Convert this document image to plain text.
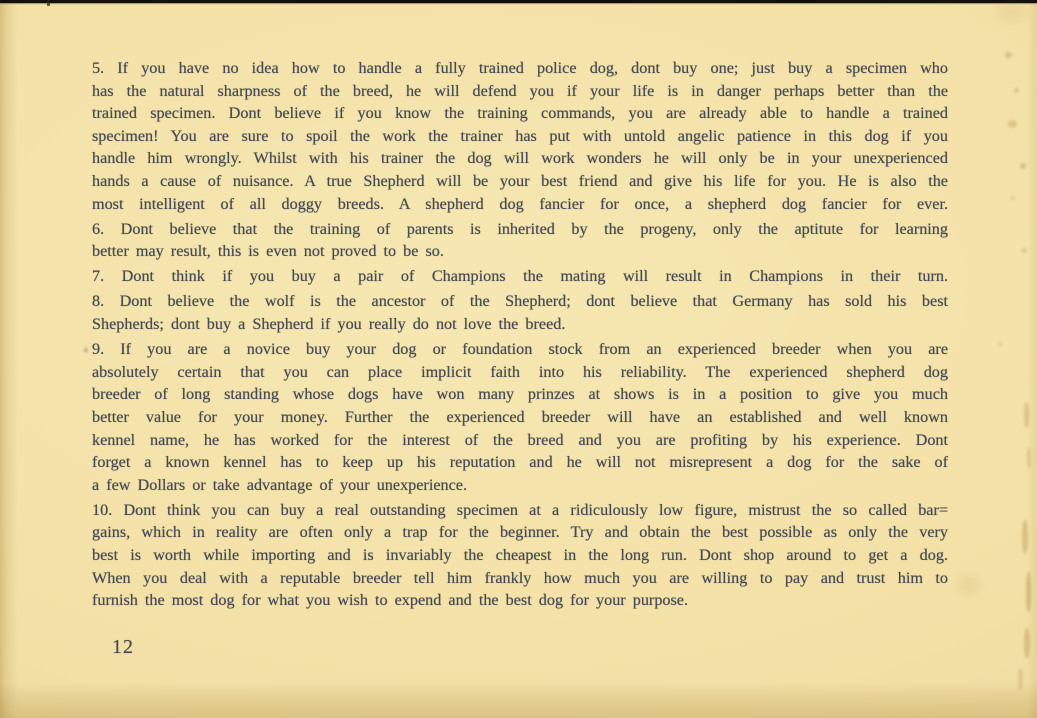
5. If you have no idea how to handle a fully trained police dog, dont buy one; just buy a specimen who
has the natural sharpness of the breed, he will defend you if your life is in danger perhaps better than the
trained specimen. Dont believe if you know the training commands, you are already able to handle a trained
specimen! You are sure to spoil the work the trainer has put with untold angelic patience in this dog if you
handle him wrongly. Whilst with his trainer the dog will work wonders he will only be in your unexperienced
hands a cause of nuisance. A true Shepherd will be your best friend and give his life for you. He is also the
most intelligent of all doggy breeds. A shepherd dog fancier for once, a shepherd dog fancier for ever.

6. Dont believe that the training of parents is inherited by the progeny, only the aptitute for learning
better may result, this is even not proved to be so.

7. Dont think if you buy a pair of Champions the mating will result in Champions in their turn.

8. Dont believe the wolf is the ancestor of the Shepherd; dont believe that Germany has sold his best
Shepherds; dont buy a Shepherd if you really do not love the breed.

9. If you are a novice buy your dog or foundation stock from an experienced breeder when you are
absolutely certain that you can place implicit faith into his reliability. The experienced shepherd dog
breeder of long standing whose dogs have won many prinzes at shows is in a position to give you much
better value for your money. Further the experienced breeder will have an established and well known
kennel name, he has worked for the interest of the breed and you are profiting by his experience. Dont
forget a known kennel has to keep up his reputation and he will not misrepresent a dog for the sake of
a few Dollars or take advantage of your unexperience.

10. Dont think you can buy a real outstanding specimen at a ridiculously low figure, mistrust the so called bar=
gains, which in reality are often only a trap for the beginner. Try and obtain the best possible as only the very
best is worth while importing and is invariably the cheapest in the long run. Dont shop around to get a dog.
When you deal with a reputable breeder tell him frankly how much you are willing to pay and trust him to
furnish the most dog for what you wish to expend and the best dog for your purpose.

12
